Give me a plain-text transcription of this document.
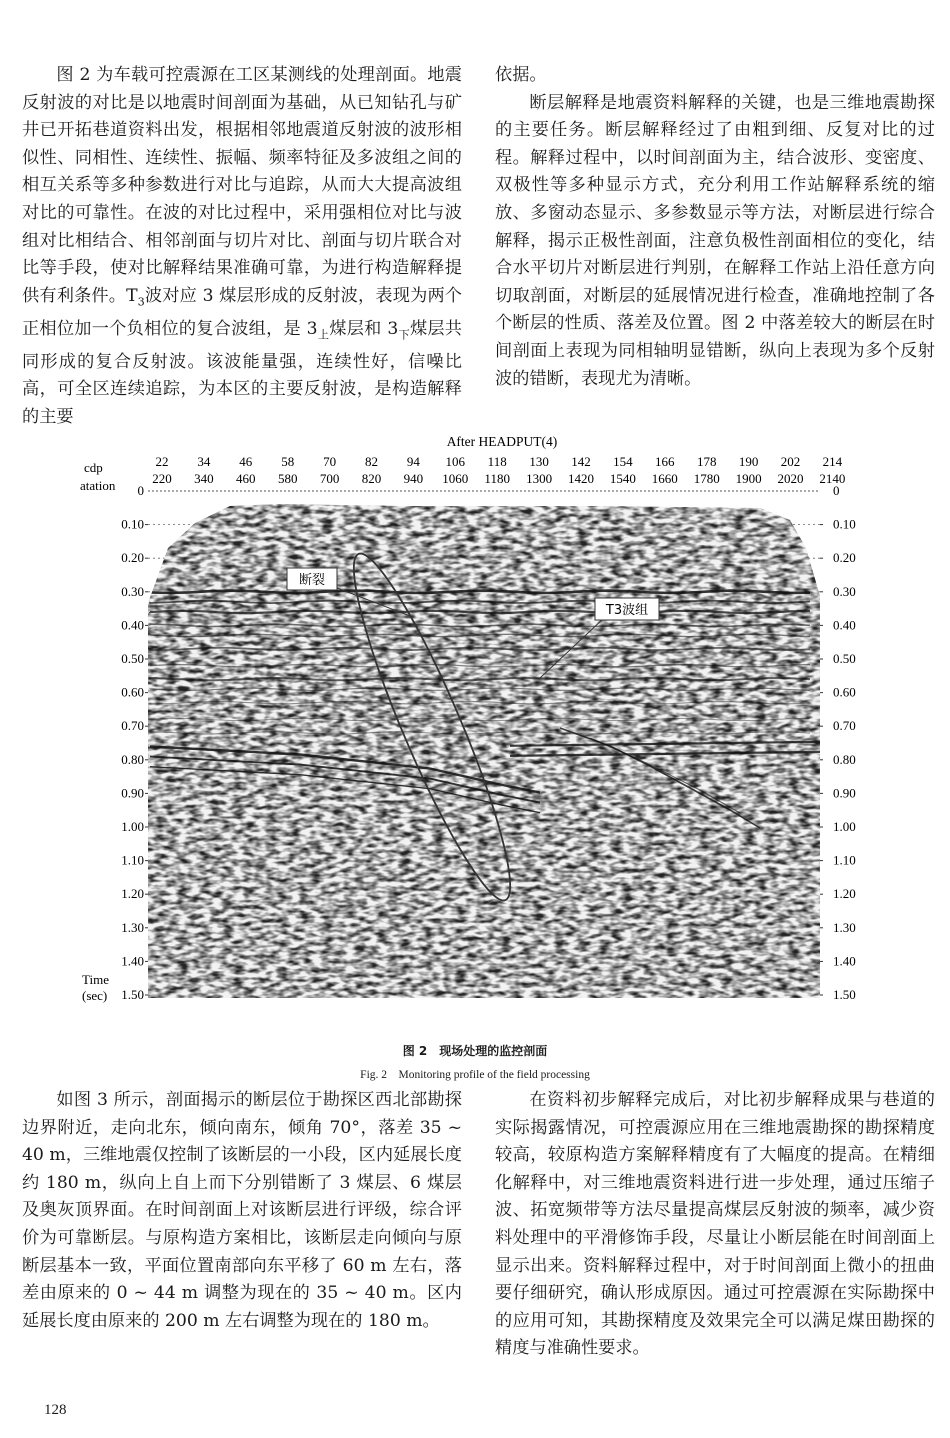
图 2 为车载可控震源在工区某测线的处理剖面。地震反射波的对比是以地震时间剖面为基础，从已知钻孔与矿井已开拓巷道资料出发，根据相邻地震道反射波的波形相似性、同相性、连续性、振幅、频率特征及多波组之间的相互关系等多种参数进行对比与追踪，从而大大提高波组对比的可靠性。在波的对比过程中，采用强相位对比与波组对比相结合、相邻剖面与切片对比、剖面与切片联合对比等手段，使对比解释结果准确可靠，为进行构造解释提供有利条件。$T_3$波对应 3 煤层形成的反射波，表现为两个正相位加一个负相位的复合波组，是 $3_上$煤层和 $3_下$煤层共同形成的复合反射波。该波能量强，连续性好，信噪比高，可全区连续追踪，为本区的主要反射波，是构造解释的主要

依据。

断层解释是地震资料解释的关键，也是三维地震勘探的主要任务。断层解释经过了由粗到细、反复对比的过程。解释过程中，以时间剖面为主，结合波形、变密度、双极性等多种显示方式，充分利用工作站解释系统的缩放、多窗动态显示、多参数显示等方法，对断层进行综合解释，揭示正极性剖面，注意负极性剖面相位的变化，结合水平切片对断层进行判别，在解释工作站上沿任意方向切取剖面，对断层的延展情况进行检查，准确地控制了各个断层的性质、落差及位置。图 2 中落差较大的断层在时间剖面上表现为同相轴明显错断，纵向上表现为多个反射波的错断，表现尤为清晰。

After HEADPUT(4)
cdp
atation
22 34 46 58 70 82 94 106 118 130 142 154 166 178 190 202 214
220 340 460 580 700 820 940 1060 1180 1300 1420 1540 1660 1780 1900 2020 2140
0	0
0.10	0.10
0.20	0.20
0.30	0.30
0.40	0.40
0.50	0.50
0.60	0.60
0.70	0.70
0.80	0.80
0.90	0.90
1.00	1.00
1.10	1.10
1.20	1.20
1.30	1.30
1.40	1.40
1.50	1.50
Time
(sec)
断裂
T3波组
图 2　现场处理的监控剖面
Fig. 2　Monitoring profile of the field processing

如图 3 所示，剖面揭示的断层位于勘探区西北部勘探边界附近，走向北东，倾向南东，倾角 70°，落差 35 ~ 40 m，三维地震仅控制了该断层的一小段，区内延展长度约 180 m，纵向上自上而下分别错断了 3 煤层、6 煤层及奥灰顶界面。在时间剖面上对该断层进行评级，综合评价为可靠断层。与原构造方案相比，该断层走向倾向与原断层基本一致，平面位置南部向东平移了 60 m 左右，落差由原来的 0 ~ 44 m 调整为现在的 35 ~ 40 m。区内延展长度由原来的 200 m 左右调整为现在的 180 m。

在资料初步解释完成后，对比初步解释成果与巷道的实际揭露情况，可控震源应用在三维地震勘探的勘探精度较高，较原构造方案解释精度有了大幅度的提高。在精细化解释中，对三维地震资料进行进一步处理，通过压缩子波、拓宽频带等方法尽量提高煤层反射波的频率，减少资料处理中的平滑修饰手段，尽量让小断层能在时间剖面上显示出来。资料解释过程中，对于时间剖面上微小的扭曲要仔细研究，确认形成原因。通过可控震源在实际勘探中的应用可知，其勘探精度及效果完全可以满足煤田勘探的精度与准确性要求。

128
